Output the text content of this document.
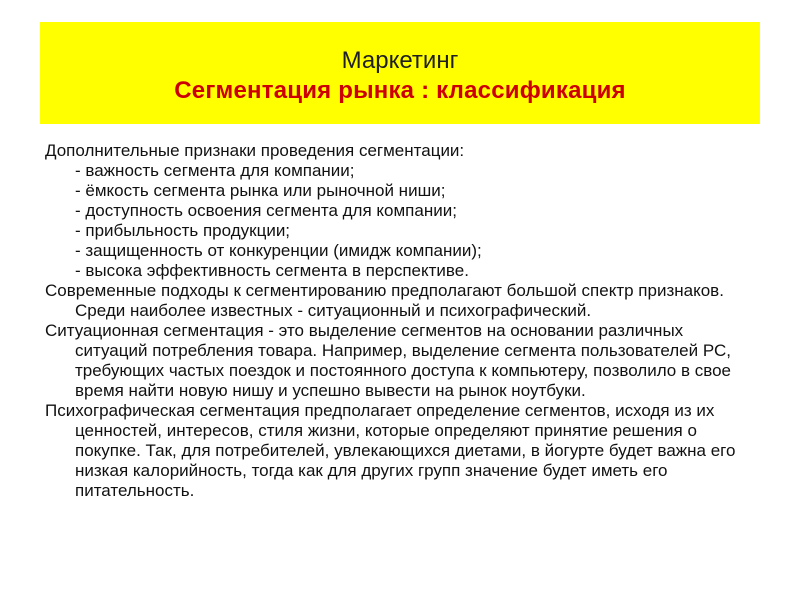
Маркетинг
Сегментация рынка : классификация

Дополнительные признаки проведения сегментации:

- важность сегмента для компании;

- ёмкость сегмента рынка или рыночной ниши;

- доступность освоения сегмента для компании;

- прибыльность продукции;

- защищенность от конкуренции (имидж компании);

- высока эффективность сегмента в перспективе.

Современные подходы к сегментированию предполагают большой спектр признаков. Среди наиболее известных - ситуационный и психографический.

Ситуационная сегментация - это выделение сегментов на основании различных ситуаций потребления товара. Например, выделение сегмента пользователей РС, требующих частых поездок и постоянного доступа к компьютеру, позволило в свое время найти новую нишу и успешно вывести на рынок ноутбуки.

Психографическая сегментация предполагает определение сегментов, исходя из их ценностей, интересов, стиля жизни, которые определяют принятие решения о покупке. Так, для потребителей, увлекающихся диетами, в йогурте будет важна его низкая калорийность, тогда как для других групп значение будет иметь его питательность.
